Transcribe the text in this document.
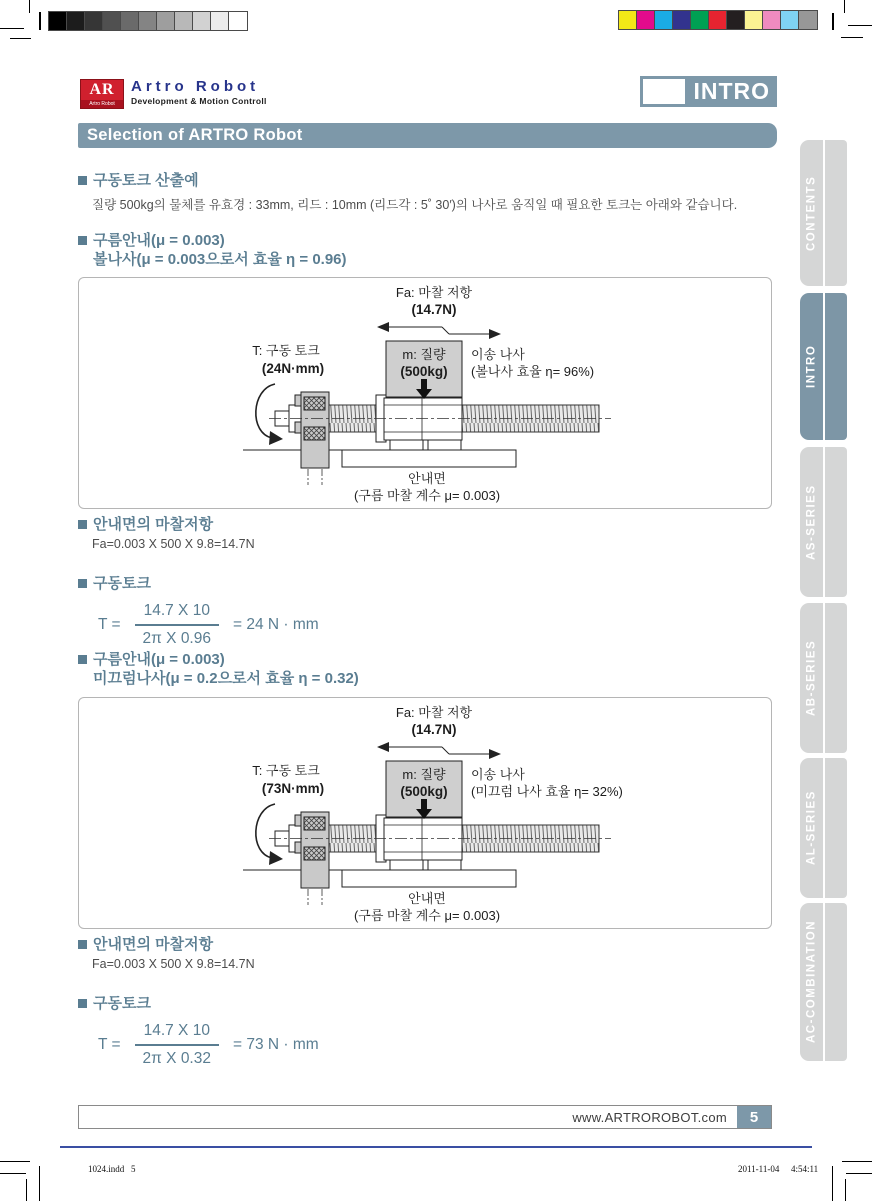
AR
Artro Robot
Artro Robot
Development & Motion Controll	INTRO
Selection of ARTRO Robot
CONTENTS
INTRO
AS-SERIES
AB-SERIES
AL-SERIES
AC-COMBINATION
구동토크 산출예
질량 500kg의 물체를 유효경 : 33mm, 리드 : 10mm (리드각 : 5˚ 30′)의 나사로 움직일 때 필요한 토크는 아래와 같습니다.
구름안내(μ = 0.003)
볼나사(μ = 0.003으로서 효율 η = 0.96)
Fa: 마찰 저항
(14.7N)
T: 구동 토크
(24N·mm)
m: 질량
(500kg)
이송 나사
(볼나사 효율 η= 96%)
안내면
(구름 마찰 계수 μ= 0.003)
안내면의 마찰저항
Fa=0.003 X 500 X 9.8=14.7N
구동토크
$T = \frac{14.7 X 10}{\text{2π X 0.96}} = 24$ N · mm
구름안내(μ = 0.003)
미끄럼나사(μ = 0.2으로서 효율 η = 0.32)
Fa: 마찰 저항
(14.7N)
T: 구동 토크
(73N·mm)
m: 질량
(500kg)
이송 나사
(미끄럼 나사 효율 η= 32%)
안내면
(구름 마찰 계수 μ= 0.003)
안내면의 마찰저항
Fa=0.003 X 500 X 9.8=14.7N
구동토크
$T = \frac{14.7 X 10}{\text{2π X 0.32}} = 73$ N · mm
www.ARTROROBOT.com	5
1024.indd   5	2011-11-04 4:54:11
